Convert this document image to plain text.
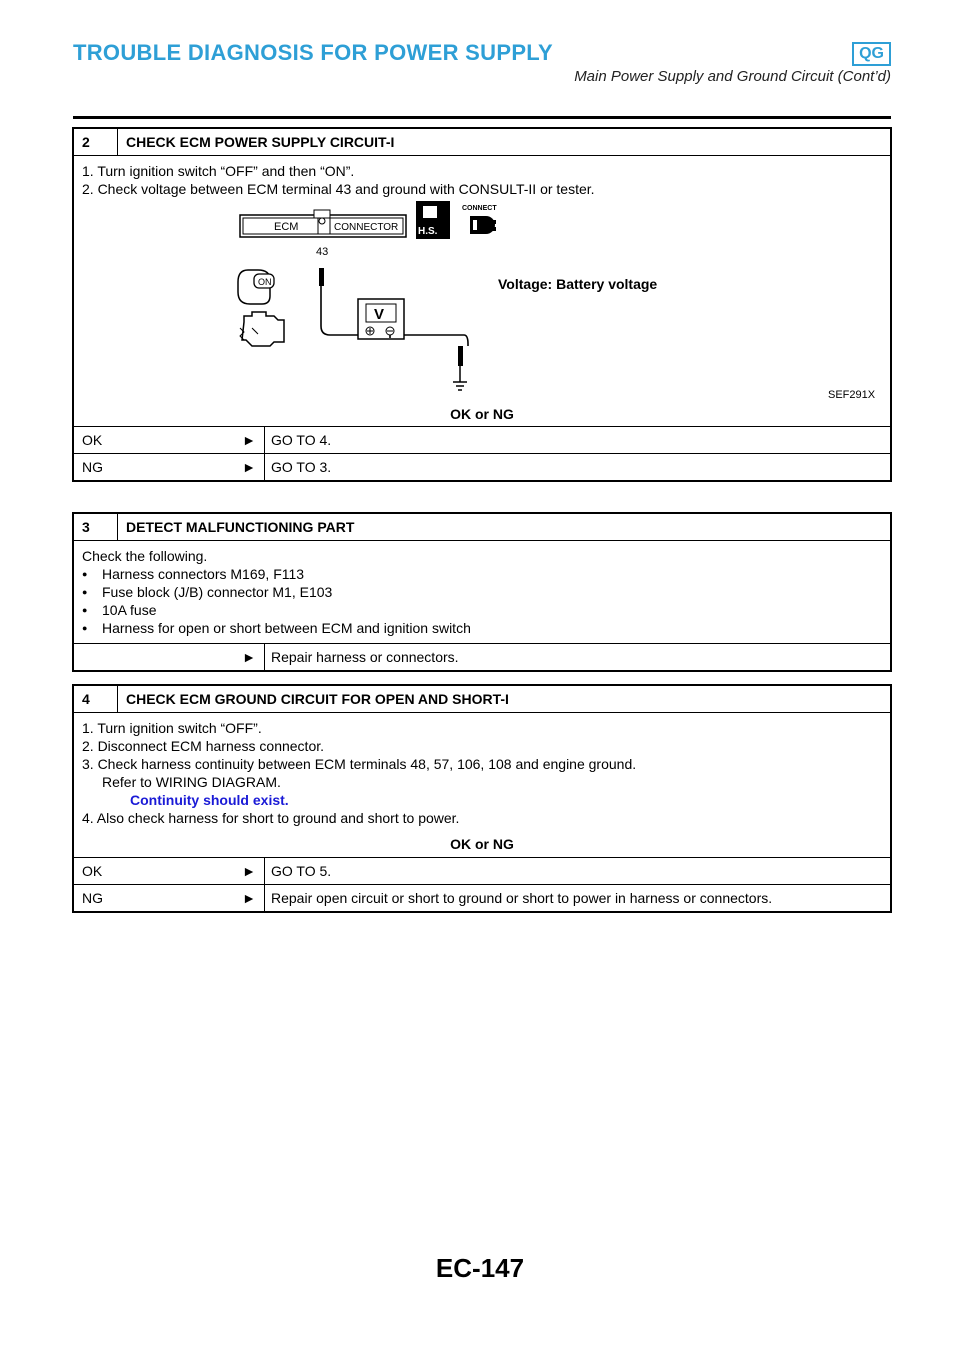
TROUBLE DIAGNOSIS FOR POWER SUPPLY	QG
Main Power Supply and Ground Circuit (Cont’d)
2	CHECK ECM POWER SUPPLY CIRCUIT-I
1. Turn ignition switch “OFF” and then “ON”.
2. Check voltage between ECM terminal 43 and ground with CONSULT-II or tester.
ECM	CONNECTOR H.S.
CONNECT
43
V
ON	Voltage: Battery voltage
SEF291X
OK or NG
OK	►	GO TO 4.
NG	►	GO TO 3.
3	DETECT MALFUNCTIONING PART
Check the following.
● Harness connectors M169, F113
● Fuse block (J/B) connector M1, E103
● 10A fuse
● Harness for open or short between ECM and ignition switch
►	Repair harness or connectors.
4	CHECK ECM GROUND CIRCUIT FOR OPEN AND SHORT-I
1. Turn ignition switch “OFF”.
2. Disconnect ECM harness connector.
3. Check harness continuity between ECM terminals 48, 57, 106, 108 and engine ground.
Refer to WIRING DIAGRAM.
Continuity should exist.
4. Also check harness for short to ground and short to power.
OK or NG
OK	►	GO TO 5.
NG	►	Repair open circuit or short to ground or short to power in harness or connectors.
EC-147
